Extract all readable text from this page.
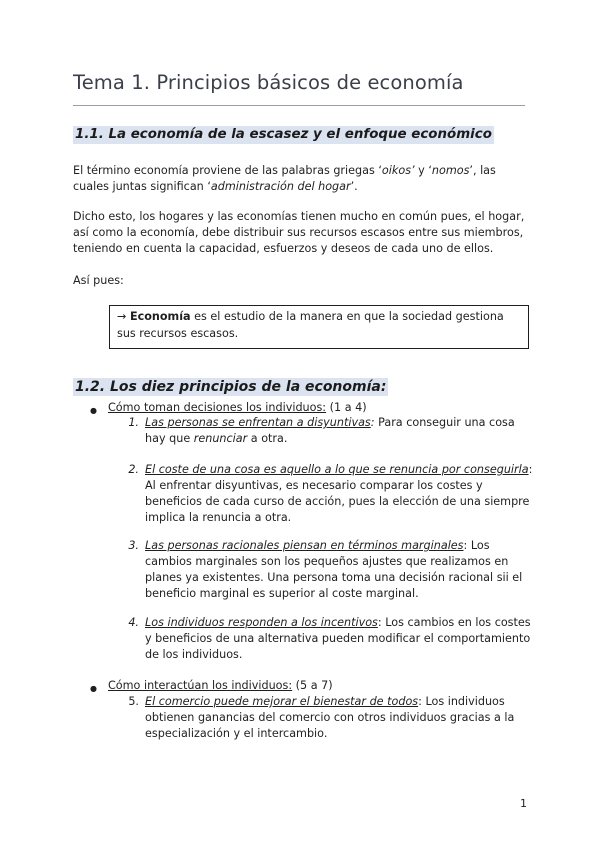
Tema 1. Principios básicos de economía
1.1. La economía de la escasez y el enfoque económico
El término economía proviene de las palabras griegas ‘oikos’ y ‘nomos’, las cuales juntas significan ‘administración del hogar’.
Dicho esto, los hogares y las economías tienen mucho en común pues, el hogar, así como la economía, debe distribuir sus recursos escasos entre sus miembros, teniendo en cuenta la capacidad, esfuerzos y deseos de cada uno de ellos.
Así pues:
→ Economía es el estudio de la manera en que la sociedad gestiona sus recursos escasos.
1.2. Los diez principios de la economía:
● Cómo toman decisiones los individuos: (1 a 4)
1. Las personas se enfrentan a disyuntivas: Para conseguir una cosa hay que renunciar a otra.
2. El coste de una cosa es aquello a lo que se renuncia por conseguirla: Al enfrentar disyuntivas, es necesario comparar los costes y beneficios de cada curso de acción, pues la elección de una siempre implica la renuncia a otra.
3. Las personas racionales piensan en términos marginales: Los cambios marginales son los pequeños ajustes que realizamos en planes ya existentes. Una persona toma una decisión racional sii el beneficio marginal es superior al coste marginal.
4. Los individuos responden a los incentivos: Los cambios en los costes y beneficios de una alternativa pueden modificar el comportamiento de los individuos.
● Cómo interactúan los individuos: (5 a 7)
5. El comercio puede mejorar el bienestar de todos: Los individuos obtienen ganancias del comercio con otros individuos gracias a la especialización y el intercambio.
1
